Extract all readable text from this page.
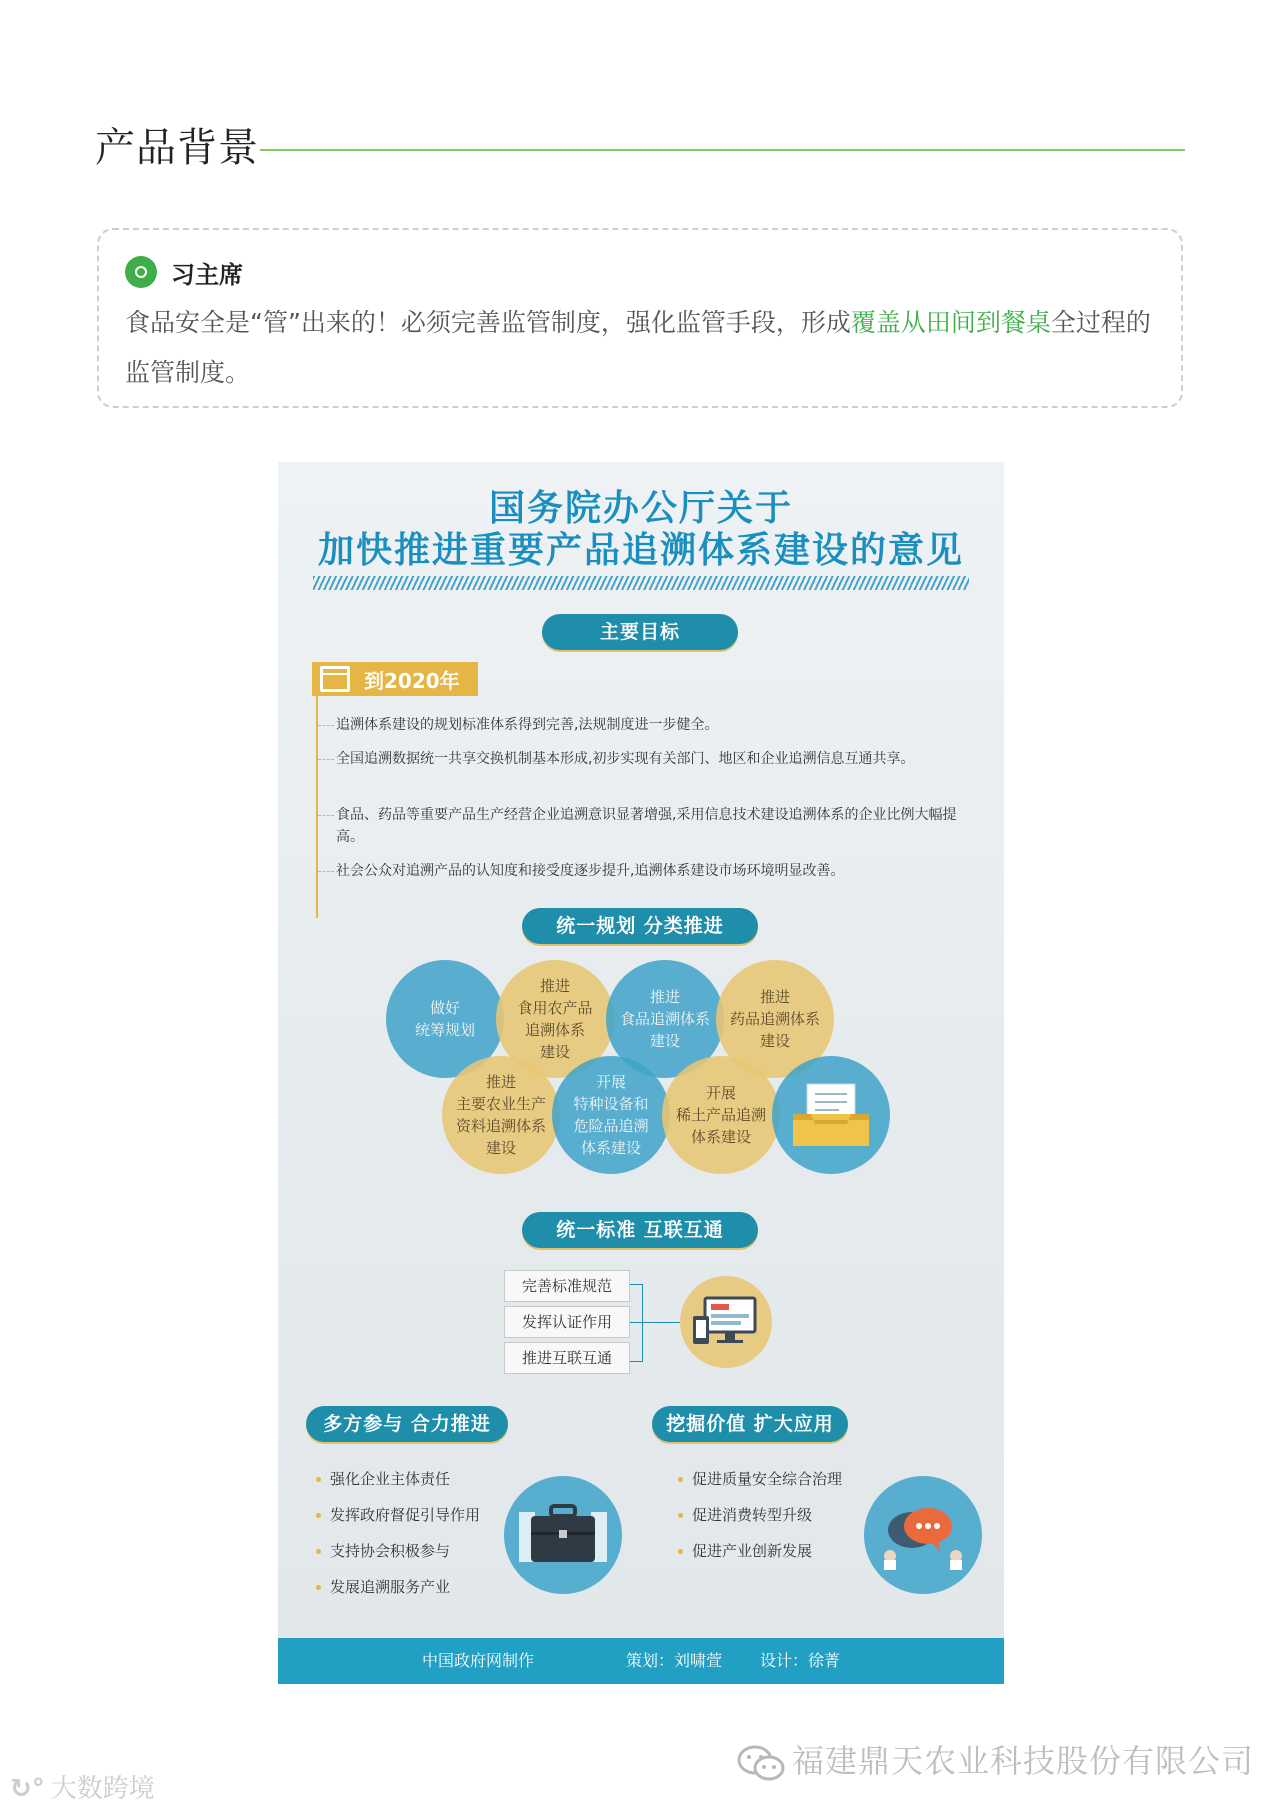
产品背景
习主席
食品安全是“管”出来的！必须完善监管制度，强化监管手段，形成覆盖从田间到餐桌全过程的监管制度。
国务院办公厅关于
加快推进重要产品追溯体系建设的意见
主要目标
到2020年
追溯体系建设的规划标准体系得到完善,法规制度进一步健全。
全国追溯数据统一共享交换机制基本形成,初步实现有关部门、地区和企业追溯信息互通共享。
食品、药品等重要产品生产经营企业追溯意识显著增强,采用信息技术建设追溯体系的企业比例大幅提高。
社会公众对追溯产品的认知度和接受度逐步提升,追溯体系建设市场环境明显改善。
统一规划 分类推进
做好
统筹规划
推进
食用农产品
追溯体系
建设
推进
食品追溯体系
建设
推进
药品追溯体系
建设
推进
主要农业生产
资料追溯体系
建设
开展
特种设备和
危险品追溯
体系建设
开展
稀土产品追溯
体系建设
统一标准 互联互通
完善标准规范
发挥认证作用
推进互联互通
多方参与 合力推进
强化企业主体责任
发挥政府督促引导作用
支持协会积极参与
发展追溯服务产业
挖掘价值 扩大应用
促进质量安全综合治理
促进消费转型升级
促进产业创新发展
中国政府网制作	策划：刘啸萱 设计：徐菁
福建鼎天农业科技股份有限公司
↻° 大数跨境
